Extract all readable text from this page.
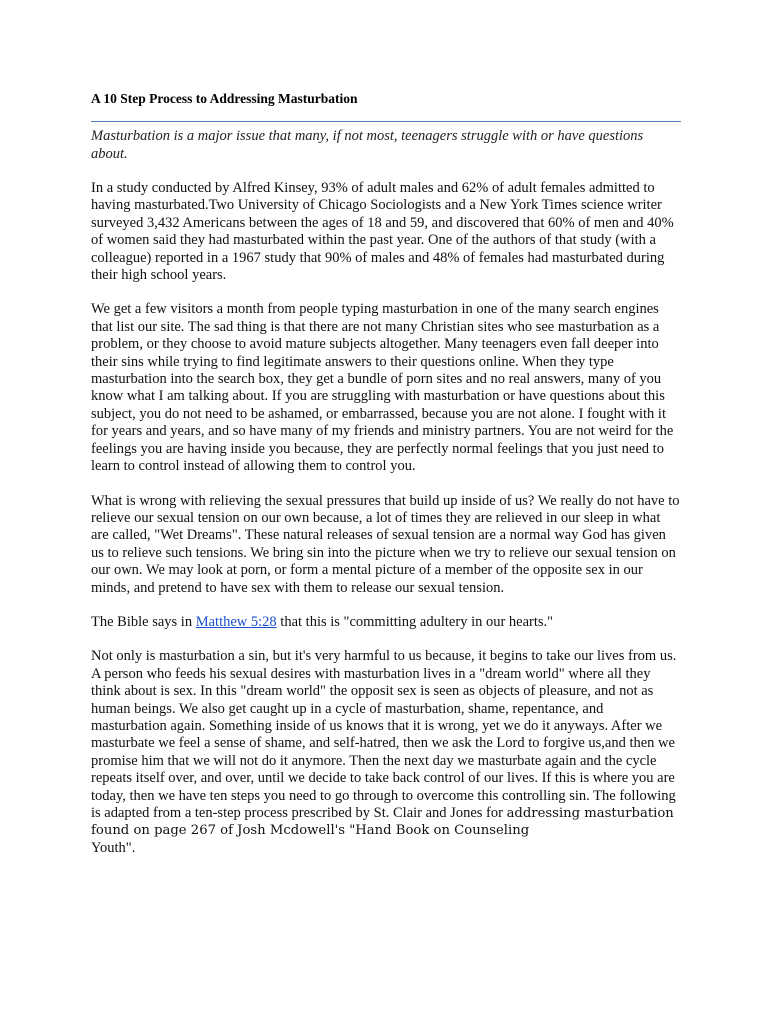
A 10 Step Process to Addressing Masturbation

Masturbation is a major issue that many, if not most, teenagers struggle with or have questions about.

In a study conducted by Alfred Kinsey, 93% of adult males and 62% of adult females admitted to having masturbated.Two University of Chicago Sociologists and a New York Times science writer surveyed 3,432 Americans between the ages of 18 and 59, and discovered that 60% of men and 40% of women said they had masturbated within the past year. One of the authors of that study (with a colleague) reported in a 1967 study that 90% of males and 48% of females had masturbated during their high school years.

We get a few visitors a month from people typing masturbation in one of the many search engines that list our site. The sad thing is that there are not many Christian sites who see masturbation as a problem, or they choose to avoid mature subjects altogether. Many teenagers even fall deeper into their sins while trying to find legitimate answers to their questions online. When they type masturbation into the search box, they get a bundle of porn sites and no real answers, many of you know what I am talking about. If you are struggling with masturbation or have questions about this subject, you do not need to be ashamed, or embarrassed, because you are not alone. I fought with it for years and years, and so have many of my friends and ministry partners. You are not weird for the feelings you are having inside you because, they are perfectly normal feelings that you just need to learn to control instead of allowing them to control you.

What is wrong with relieving the sexual pressures that build up inside of us? We really do not have to relieve our sexual tension on our own because, a lot of times they are relieved in our sleep in what are called, "Wet Dreams". These natural releases of sexual tension are a normal way God has given us to relieve such tensions. We bring sin into the picture when we try to relieve our sexual tension on our own. We may look at porn, or form a mental picture of a member of the opposite sex in our minds, and pretend to have sex with them to release our sexual tension.

The Bible says in Matthew 5:28 that this is "committing adultery in our hearts."

Not only is masturbation a sin, but it's very harmful to us because, it begins to take our lives from us. A person who feeds his sexual desires with masturbation lives in a "dream world" where all they think about is sex. In this "dream world" the opposit sex is seen as objects of pleasure, and not as human beings. We also get caught up in a cycle of masturbation, shame, repentance, and masturbation again. Something inside of us knows that it is wrong, yet we do it anyways. After we masturbate we feel a sense of shame, and self-hatred, then we ask the Lord to forgive us,and then we promise him that we will not do it anymore. Then the next day we masturbate again and the cycle repeats itself over, and over, until we decide to take back control of our lives. If this is where you are today, then we have ten steps you need to go through to overcome this controlling sin. The following is adapted from a ten-step process prescribed by St. Clair and Jones for addressing masturbation found on page 267 of Josh Mcdowell's "Hand Book on Counseling
Youth".
